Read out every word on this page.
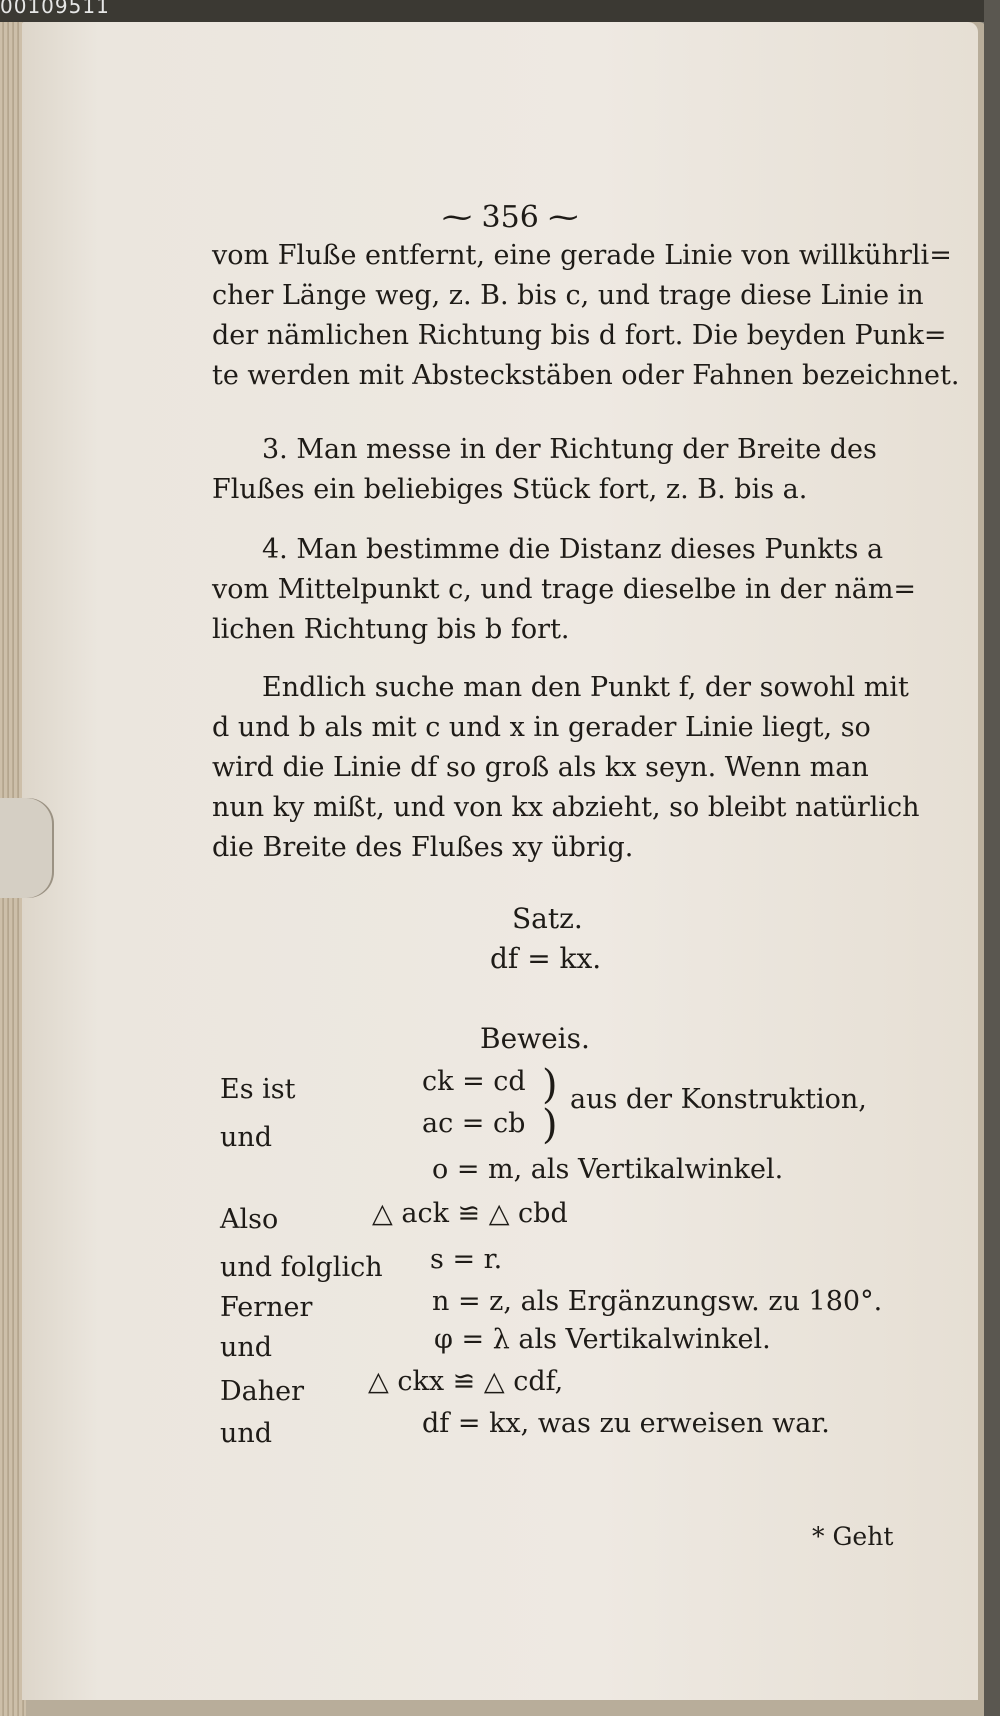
00109511
⁓ 356 ⁓
vom Fluße entfernt, eine gerade Linie von willkührli=
cher Länge weg, z. B. bis c, und trage diese Linie in
der nämlichen Richtung bis d fort. Die beyden Punk=
te werden mit Absteckstäben oder Fahnen bezeichnet.
3. Man messe in der Richtung der Breite des
Flußes ein beliebiges Stück fort, z. B. bis a.
4. Man bestimme die Distanz dieses Punkts a
vom Mittelpunkt c, und trage dieselbe in der näm=
lichen Richtung bis b fort.
Endlich suche man den Punkt f, der sowohl mit
d und b als mit c und x in gerader Linie liegt, so
wird die Linie df so groß als kx seyn. Wenn man
nun ky mißt, und von kx abzieht, so bleibt natürlich
die Breite des Flußes xy übrig.
Satz.
df = kx.
Beweis.
Es ist	ck = cd
und	ac = cb
)
)
aus der Konstruktion,
o = m, als Vertikalwinkel.
Also	△ ack ≌ △ cbd
und folglich s = r.
Ferner	n = z, als Ergänzungsw. zu 180°.
und	φ = λ als Vertikalwinkel.
Daher △ ckx ≌ △ cdf,
und	df = kx, was zu erweisen war.
* Geht
